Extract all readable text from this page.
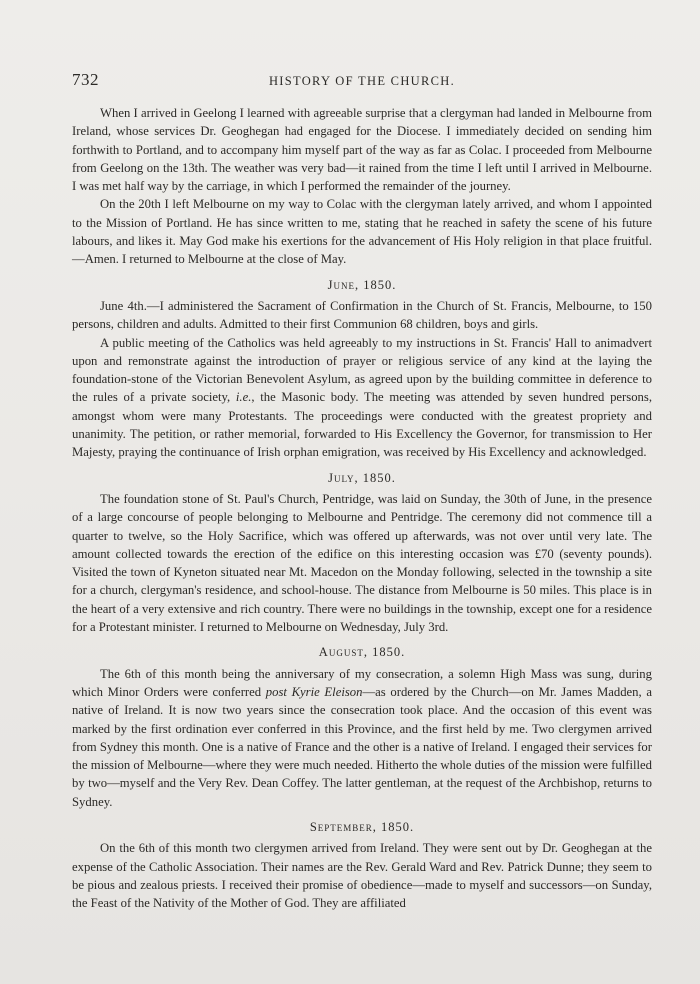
732	HISTORY OF THE CHURCH.

When I arrived in Geelong I learned with agreeable surprise that a clergyman had landed in Melbourne from Ireland, whose services Dr. Geoghegan had engaged for the Diocese. I immediately decided on sending him forthwith to Portland, and to accompany him myself part of the way as far as Colac. I proceeded from Melbourne from Geelong on the 13th. The weather was very bad—it rained from the time I left until I arrived in Melbourne. I was met half way by the carriage, in which I performed the remainder of the journey.

On the 20th I left Melbourne on my way to Colac with the clergyman lately arrived, and whom I appointed to the Mission of Portland. He has since written to me, stating that he reached in safety the scene of his future labours, and likes it. May God make his exertions for the advancement of His Holy religion in that place fruitful.—Amen. I returned to Melbourne at the close of May.

June, 1850.

June 4th.—I administered the Sacrament of Confirmation in the Church of St. Francis, Melbourne, to 150 persons, children and adults. Admitted to their first Communion 68 children, boys and girls.

A public meeting of the Catholics was held agreeably to my instructions in St. Francis' Hall to animadvert upon and remonstrate against the introduction of prayer or religious service of any kind at the laying the foundation-stone of the Victorian Benevolent Asylum, as agreed upon by the building committee in deference to the rules of a private society, i.e., the Masonic body. The meeting was attended by seven hundred persons, amongst whom were many Protestants. The proceedings were conducted with the greatest propriety and unanimity. The petition, or rather memorial, forwarded to His Excellency the Governor, for transmission to Her Majesty, praying the continuance of Irish orphan emigration, was received by His Excellency and acknowledged.

July, 1850.

The foundation stone of St. Paul's Church, Pentridge, was laid on Sunday, the 30th of June, in the presence of a large concourse of people belonging to Melbourne and Pentridge. The ceremony did not commence till a quarter to twelve, so the Holy Sacrifice, which was offered up afterwards, was not over until very late. The amount collected towards the erection of the edifice on this interesting occasion was £70 (seventy pounds). Visited the town of Kyneton situated near Mt. Macedon on the Monday following, selected in the township a site for a church, clergyman's residence, and school-house. The distance from Melbourne is 50 miles. This place is in the heart of a very extensive and rich country. There were no buildings in the township, except one for a residence for a Protestant minister. I returned to Melbourne on Wednesday, July 3rd.

August, 1850.

The 6th of this month being the anniversary of my consecration, a solemn High Mass was sung, during which Minor Orders were conferred post Kyrie Eleison—as ordered by the Church—on Mr. James Madden, a native of Ireland. It is now two years since the consecration took place. And the occasion of this event was marked by the first ordination ever conferred in this Province, and the first held by me. Two clergymen arrived from Sydney this month. One is a native of France and the other is a native of Ireland. I engaged their services for the mission of Melbourne—where they were much needed. Hitherto the whole duties of the mission were fulfilled by two—myself and the Very Rev. Dean Coffey. The latter gentleman, at the request of the Archbishop, returns to Sydney.

September, 1850.

On the 6th of this month two clergymen arrived from Ireland. They were sent out by Dr. Geoghegan at the expense of the Catholic Association. Their names are the Rev. Gerald Ward and Rev. Patrick Dunne; they seem to be pious and zealous priests. I received their promise of obedience—made to myself and successors—on Sunday, the Feast of the Nativity of the Mother of God. They are affiliated
